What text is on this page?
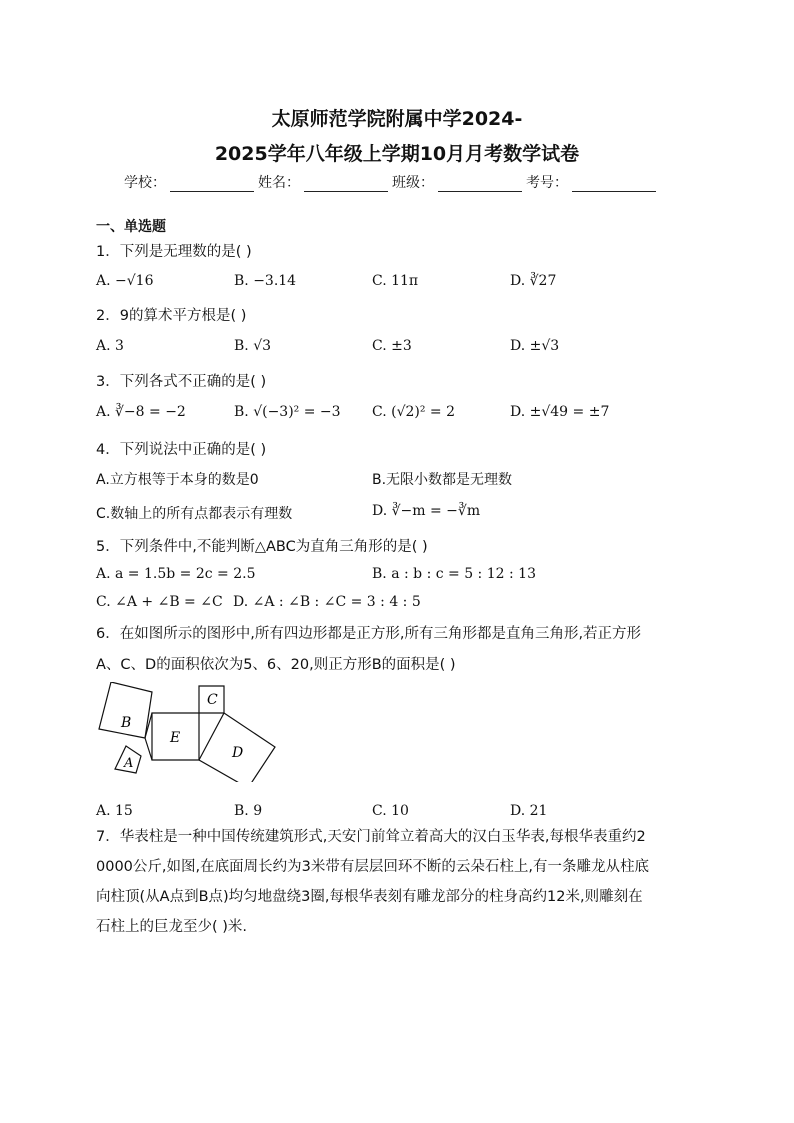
太原师范学院附属中学2024-
2025学年八年级上学期10月月考数学试卷
学校：	姓名：	班级：	考号：
一、单选题
1．下列是无理数的是( )
A. −√16	B. −3.14	C. 11π	D. ∛27
2．9的算术平方根是( )
A. 3	B. √3	C. ±3	D. ±√3
3．下列各式不正确的是( )
A. ∛−8 = −2	B. √(−3)² = −3 C. (√2)² = 2	D. ±√49 = ±7
4．下列说法中正确的是( )
A.立方根等于本身的数是0	B.无限小数都是无理数
C.数轴上的所有点都表示有理数	D. ∛−m = −∛m
5．下列条件中,不能判断△ABC为直角三角形的是( )
A. a = 1.5b = 2c = 2.5	B. a : b : c = 5 : 12 : 13
C. ∠A + ∠B = ∠C D. ∠A : ∠B : ∠C = 3 : 4 : 5
6．在如图所示的图形中,所有四边形都是正方形,所有三角形都是直角三角形,若正方形
A、C、D的面积依次为5、6、20,则正方形B的面积是( )
B
E
C
A
D
A. 15	B. 9	C. 10	D. 21
7．华表柱是一种中国传统建筑形式,天安门前耸立着高大的汉白玉华表,每根华表重约2
0000公斤,如图,在底面周长约为3米带有层层回环不断的云朵石柱上,有一条雕龙从柱底
向柱顶(从A点到B点)均匀地盘绕3圈,每根华表刻有雕龙部分的柱身高约12米,则雕刻在
石柱上的巨龙至少( )米.
